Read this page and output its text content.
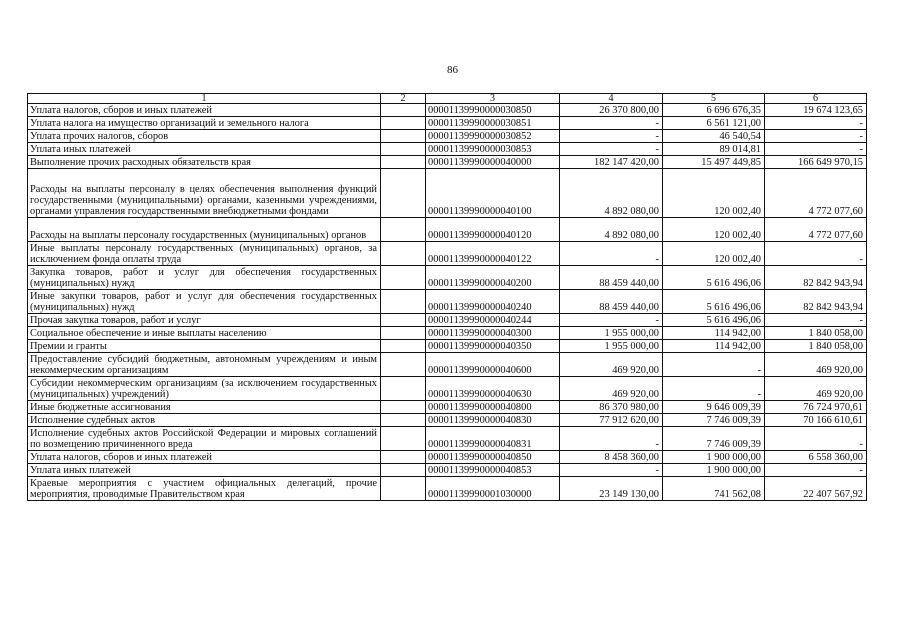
86
1	2	3	4	5	6
Уплата налогов, сборов и иных платежей		00001139990000030850	26 370 800,00	6 696 676,35	19 674 123,65
Уплата налога на имущество организаций и земельного налога		00001139990000030851	-	6 561 121,00	-
Уплата прочих налогов, сборов		00001139990000030852	-	46 540,54	-
Уплата иных платежей		00001139990000030853	-	89 014,81	-
Выполнение прочих расходных обязательств края		00001139990000040000	182 147 420,00	15 497 449,85	166 649 970,15
Расходы на выплаты персоналу в целях обеспечения выполнения функций государственными (муниципальными) органами, казенными учреждениями, органами управления государственными внебюджетными фондами		00001139990000040100	4 892 080,00	120 002,40	4 772 077,60
Расходы на выплаты персоналу государственных (муниципальных) органов		00001139990000040120	4 892 080,00	120 002,40	4 772 077,60
Иные выплаты персоналу государственных (муниципальных) органов, за исключением фонда оплаты труда		00001139990000040122	-	120 002,40	-
Закупка товаров, работ и услуг для обеспечения государственных (муниципальных) нужд		00001139990000040200	88 459 440,00	5 616 496,06	82 842 943,94
Иные закупки товаров, работ и услуг для обеспечения государственных (муниципальных) нужд		00001139990000040240	88 459 440,00	5 616 496,06	82 842 943,94
Прочая закупка товаров, работ и услуг		00001139990000040244	-	5 616 496,06	-
Социальное обеспечение и иные выплаты населению		00001139990000040300	1 955 000,00	114 942,00	1 840 058,00
Премии и гранты		00001139990000040350	1 955 000,00	114 942,00	1 840 058,00
Предоставление субсидий бюджетным, автономным учреждениям и иным некоммерческим организациям		00001139990000040600	469 920,00	-	469 920,00
Субсидии некоммерческим организациям (за исключением государственных (муниципальных) учреждений)		00001139990000040630	469 920,00	-	469 920,00
Иные бюджетные ассигнования		00001139990000040800	86 370 980,00	9 646 009,39	76 724 970,61
Исполнение судебных актов		00001139990000040830	77 912 620,00	7 746 009,39	70 166 610,61
Исполнение судебных актов Российской Федерации и мировых соглашений по возмещению причиненного вреда		00001139990000040831	-	7 746 009,39	-
Уплата налогов, сборов и иных платежей		00001139990000040850	8 458 360,00	1 900 000,00	6 558 360,00
Уплата иных платежей		00001139990000040853	-	1 900 000,00	-
Краевые мероприятия с участием официальных делегаций, прочие мероприятия, проводимые Правительством края		00001139990001030000	23 149 130,00	741 562,08	22 407 567,92
